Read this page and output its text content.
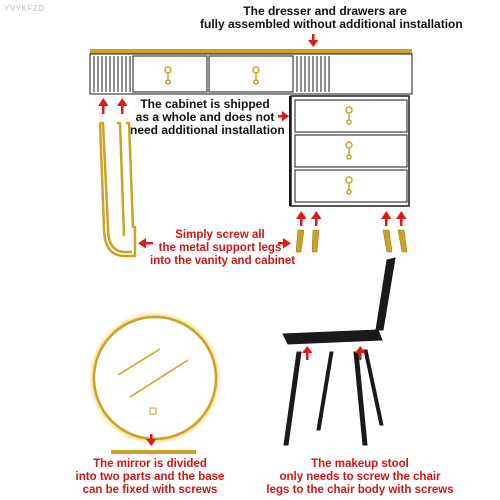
YVYKFZD	The dresser and drawers are
fully assembled without additional installation
The cabinet is shipped
as a whole and does not
need additional installation
Simply screw all
the metal support legs
into the vanity and cabinet
The mirror is divided
into two parts and the base
can be fixed with screws
The makeup stool
only needs to screw the chair
legs to the chair body with screws
